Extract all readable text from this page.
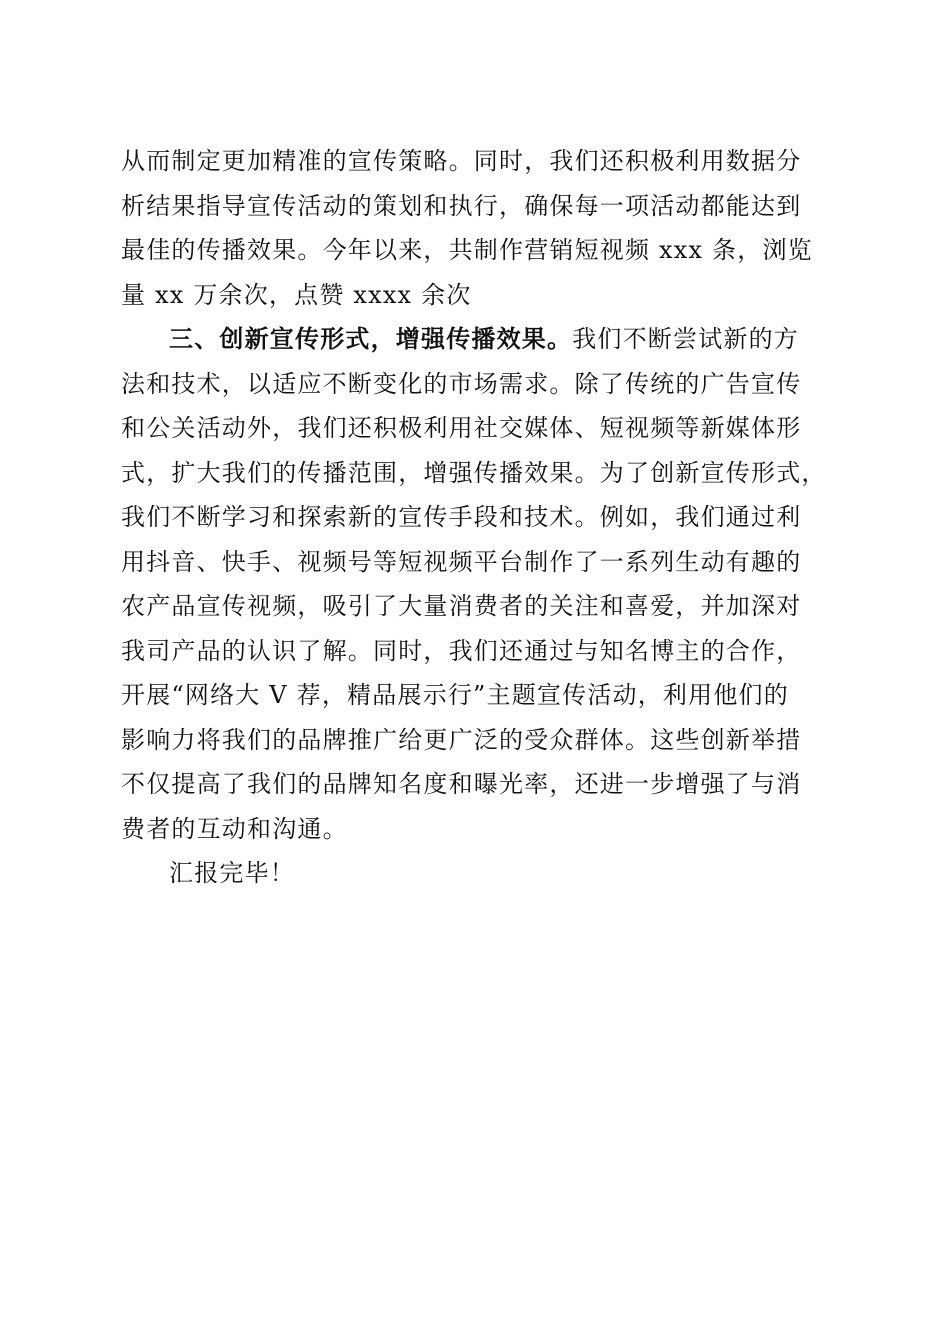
从而制定更加精准的宣传策略。同时，我们还积极利用数据分
析结果指导宣传活动的策划和执行，确保每一项活动都能达到
最佳的传播效果。今年以来，共制作营销短视频 xxx 条，浏览
量 xx 万余次，点赞 xxxx 余次
三、创新宣传形式，增强传播效果。我们不断尝试新的方
法和技术，以适应不断变化的市场需求。除了传统的广告宣传
和公关活动外，我们还积极利用社交媒体、短视频等新媒体形
式，扩大我们的传播范围，增强传播效果。为了创新宣传形式，
我们不断学习和探索新的宣传手段和技术。例如，我们通过利
用抖音、快手、视频号等短视频平台制作了一系列生动有趣的
农产品宣传视频，吸引了大量消费者的关注和喜爱，并加深对
我司产品的认识了解。同时，我们还通过与知名博主的合作，
开展“网络大 V 荐，精品展示行”主题宣传活动，利用他们的
影响力将我们的品牌推广给更广泛的受众群体。这些创新举措
不仅提高了我们的品牌知名度和曝光率，还进一步增强了与消
费者的互动和沟通。
汇报完毕！
